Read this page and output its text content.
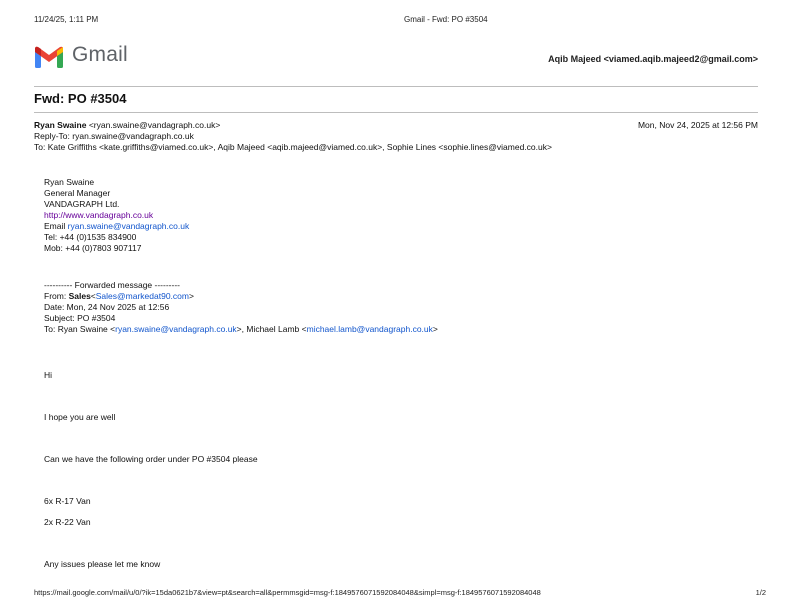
11/24/25, 1:11 PM	Gmail - Fwd: PO #3504
Gmail	Aqib Majeed <viamed.aqib.majeed2@gmail.com>
Fwd: PO #3504
Ryan Swaine <ryan.swaine@vandagraph.co.uk>	Mon, Nov 24, 2025 at 12:56 PM
Reply-To: ryan.swaine@vandagraph.co.uk
To: Kate Griffiths <kate.griffiths@viamed.co.uk>, Aqib Majeed <aqib.majeed@viamed.co.uk>, Sophie Lines <sophie.lines@viamed.co.uk>
Ryan Swaine
General Manager
VANDAGRAPH Ltd.
http://www.vandagraph.co.uk
Email ryan.swaine@vandagraph.co.uk
Tel: +44 (0)1535 834900
Mob: +44 (0)7803 907117
---------- Forwarded message ---------
From: Sales<Sales@markedat90.com>
Date: Mon, 24 Nov 2025 at 12:56
Subject: PO #3504
To: Ryan Swaine <ryan.swaine@vandagraph.co.uk>, Michael Lamb <michael.lamb@vandagraph.co.uk>
Hi
I hope you are well
Can we have the following order under PO #3504 please
6x R-17 Van
2x R-22 Van
Any issues please let me know
https://mail.google.com/mail/u/0/?ik=15da0621b7&view=pt&search=all&permmsgid=msg-f:1849576071592084048&simpl=msg-f:1849576071592084048	1/2
